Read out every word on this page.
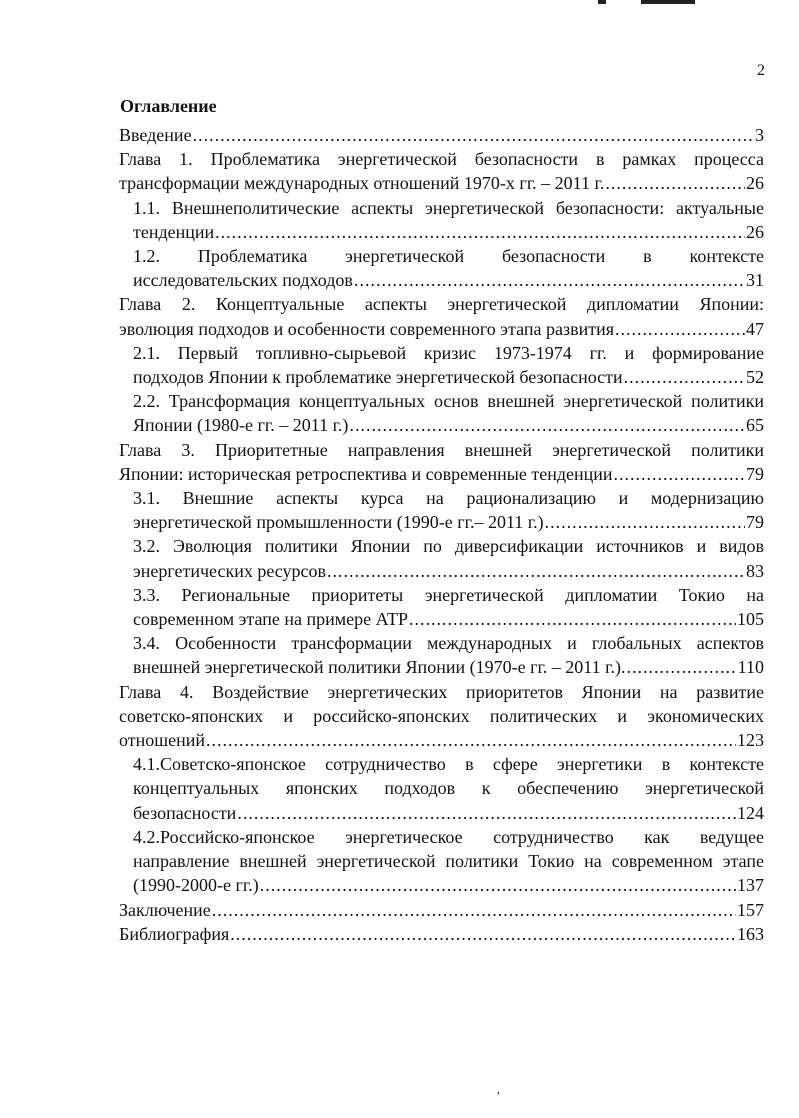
2
Оглавление
Введение .....	3
Глава 1. Проблематика энергетической безопасности в рамках процесса
трансформации международных отношений 1970-х гг. – 2011 г. .....	26
1.1. Внешнеполитические аспекты энергетической безопасности: актуальные
тенденции .....	26
1.2. Проблематика энергетической безопасности в контексте
исследовательских подходов .....	31
Глава 2. Концептуальные аспекты энергетической дипломатии Японии:
эволюция подходов и особенности современного этапа развития .....	47
2.1. Первый топливно-сырьевой кризис 1973-1974 гг. и формирование
подходов Японии к проблематике энергетической безопасности .....	52
2.2. Трансформация концептуальных основ внешней энергетической политики
Японии (1980-е гг. – 2011 г.) .....	65
Глава 3. Приоритетные направления внешней энергетической политики
Японии: историческая ретроспектива и современные тенденции .....	79
3.1. Внешние аспекты курса на рационализацию и модернизацию
энергетической промышленности (1990-е гг.– 2011 г.) .....	79
3.2. Эволюция политики Японии по диверсификации источников и видов
энергетических ресурсов .....	83
3.3. Региональные приоритеты энергетической дипломатии Токио на
современном этапе на примере АТР .....	105
3.4. Особенности трансформации международных и глобальных аспектов
внешней энергетической политики Японии (1970-е гг. – 2011 г.). .....	110
Глава 4. Воздействие энергетических приоритетов Японии на развитие
советско-японских и российско-японских политических и экономических
отношений .....	123
4.1.Советско-японское сотрудничество в сфере энергетики в контексте
концептуальных японских подходов к обеспечению энергетической
безопасности .....	124
4.2.Российско-японское энергетическое сотрудничество как ведущее
направление внешней энергетической политики Токио на современном этапе
(1990-2000-е гг.) .....	137
Заключение .....	157
Библиография .....	163
,
